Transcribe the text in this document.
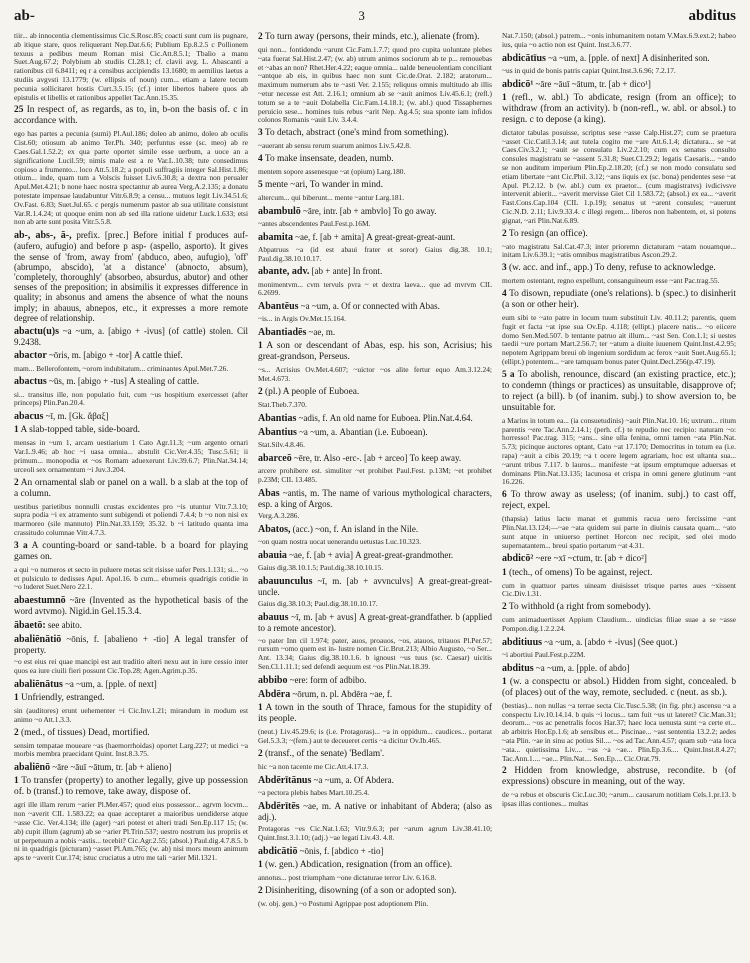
ab-	3	abditus

tiir... ab innocentia clementissimus Cic.S.Rosc.85; coacti sunt cum iis pugnare, ab itique starе, quos reliquerant Nep.Dat.6.6; Publium Ep.8.2.5 c Pollionem texuus a pedibus meum Roman misi Cic.Att.8.5.1; Tbalio a manu Suet.Aug.67.2; Polybium ab studiis Cl.28.1; cf. clavii avg. L. Abascanti a rationibus cil 6.8411; eq r a censibus accipiendis 13.1680; m aemilius laetus a studiis avgvsti 13.1779; (w. ellipsis of noun) cum... etiam a latere tecum pecunia sollicitaret hostis Curt.3.5.15; (cf.) inter libertos habere quos ab epistulis et libellis et rationibus appellet Tac.Ann.15.35.

25 In respect of, as regards, as to, in, b-on the basis of. c in accordance with.

ego has partes a pecunia (sumi) Pl.Aul.186; doleo ab animo, doleo ab oculis Cist.60; otiosum ab animo Ter.Ph. 340; perfuntus esse (sc. meo) ab re Caes.Gal.1.52.2; ex qua parte oportet simile esse uerbum, a uoce an a significatione Lucil.59; nimis male est a re Var.L.10.38; tute consedimus copioso a frumento... loco Att.5.18.2; a populi suffragiis integer Sal.Hist.1.86; otium... inde, quam tum a Volscis fuisset Liv.6.30.8; a dextra non perualer Apul.Met.4.21; b none haec nostra spectantur ab aurea Verg.A.2.135; a donatu potestate impensae laudabuntur Vitr.6.8.9; a censu... mutuos legit Liv.34.51.6; Ov.Fast. 6.83; Suet.Jul.65. c pergis numerum pastor ab sua utilitate consistunt Var.R.1.4.24; ut quoque enim non ab sed illa ratione uidetur Luck.1.633; etsi non ab arte sunt posita Vitr.5.5.8.

ab-, abs-, ā-, prefix. [prec.] Before initial f produces auf- (aufero, aufugio) and before p asp- (aspello, asporto). It gives the sense of 'from, away from' (abduco, abeo, aufugio), 'off' (abrumpo, abscido), 'at a distance' (abnocto, absum), 'completely, thoroughly' (absorbeo, absurdus, abutor) and other senses of the preposition; in absimilis it expresses difference in quality; in absonus and amens the absence of what the nouns imply; in abauus, abnepos, etc., it expresses a more remote degree of relationship.

abactu(u)s ~a ~um, a. [abigo + -ivus] (of cattle) stolen. Cil 9.2438.

abactor ~ōris, m. [abigo + -tor] A cattle thief.

mam... Bellerofontem, ~orom indubitatum... criminantes Apul.Met.7.26.

abactus ~ūs, m. [abigo + -tus] A stealing of cattle.

si... transitus ille, non populatio fuit, cum ~us hospitium exercesset (after princeps) Plin.Pan.20.4.

abacus ~ī, m. [Gk. ἄβαξ]

1 A slab-topped table, side-board.

mensas in ~um 1, arcam uestiarium 1 Cato Agr.11.3; ~um argento ornari Var.L.9.46; ab hoc ~i uasa omnia... abstulit Cic.Ver.4.35; Tusc.5.61; ii primum... monopodia et ~os Romam aduexerunt Liv.39.6.7; Plin.Nat.34.14; urceoli sex ornamentum ~i Juv.3.204.

2 An ornamental slab or panel on a wall. b a slab at the top of a column.

uestibus parietibus nonnulli crustas excidentes pro ~is utuntur Vitr.7.3.10; supra podia ~i ex atramento sunt subigendi et poliendi 7.4.4; b ~o non nisi ex marmoreo (sile mannuto) Plin.Nat.33.159; 35.32. b ~i latitudo quanta ima crassitudo columnae Vitr.4.7.3.

3 a A counting-board or sand-table. b a board for playing games on.

a qui ~o numeros et secto in puluere metas scit risisse uafer Pers.1.131; si... ~o et pulsiculo te dedisses Apul. Apol.16. b cum... eburneis quadrigis cotidie in ~o luderet Suet.Nero 22.1.

abaestumnō ~āre (Invented as the hypothetical basis of the word avtvmo). Nigid.in Gel.15.3.4.

ābaetō: see abito.

abaliēnātiō ~ōnis, f. [abalieno + -tio] A legal transfer of property.

~o est eius rei quae mancipi est aut traditio alteri nexu aut in iure cessio inter quos ea iure ciuili fieri possunt Cic.Top.28; Agen.Agrim.p.35.

abaliēnātus ~a ~um, a. [pple. of next]

1 Unfriendly, estranged.

sin (auditores) erunt uehementer ~i Cic.Inv.1.21; mirandum in modum est animo ~o Att.1.3.3.

2 (med., of tissues) Dead, mortified.

sensim tempatae moueare ~as (haemorrhoidas) oportet Larg.227; ut medici ~a morbis membra praecidant Quint. Inst.8.3.75.

abaliēnō ~āre ~āuī ~ātum, tr. [ab + alieno]

1 To transfer (property) to another legally, give up possession of. b (transf.) to remove, take away, dispose of.

agri ille illam rerum ~arier Pl.Mer.457; quod eius possessor... agrvm locvm... non ~averit CIL 1.583.22; ea quae acceptaret a maioribus uendiderse atque ~asse Cic. Ver.4.134; ille (ager) ~ari potest et alteri tradi Sen.Ep.117 15; (w. ab) cupit illum (agrum) ab se ~arier Pl.Trin.537; uestro nostrum ius propriis et ut perpetuum a nobis ~astis... tecebit? Cic.Agr.2.55; (absol.) Paul.dig.4.7.8.5. b ni in quadrigis (picturam) ~asset Pl.Am.765; (w. ab) nisi mors meum animum aps te ~averit Cur.174; istuc cruciatus a utro me tali ~arier Mil.1321.

2 To turn away (persons, their minds, etc.), alienate (from).

qui non... fontidendo ~arunt Cic.Fam.1.7.7; quod pro cupita uoluntate plebes ~ata fuerat Sal.Hist.2.47; (w. ab) utrum animos sociorum ab te p... remouebas et ~abas an non? Rhet.Her.4.22; eaque omnia... ualde beneuolentiam conciliant ~antque ab eis, in quibus haec non sunt Cic.de.Orat. 2.182; aratorum... maximum numerum abs te ~asti Ver. 2.155; reliquus omnis multitudo ab illis ~etur necesse est Att. 2.16.1; omnium ab se ~auit animos Liv.45.6.1; (refl.) totum se a te ~auit Dolabella Cic.Fam.14.18.1; (w. abl.) quod Tissaphernes peruicio sese... homines tuis rebus ~arit Nep. Ag.4.5; sua sponte iam infidos colonos Romanis ~auit Liv. 3.4.4.

3 To detach, abstract (one's mind from something).

~auerant ab sensu rerum suarum animos Liv.5.42.8.

4 To make insensate, deaden, numb.

mentem sopore assenesque ~at (opium) Larg.180.

5 mente ~ari, To wander in mind.

altercum... qui biberunt... mente ~antur Larg.181.

abambulō ~āre, intr. [ab + ambvlo] To go away.

~antes abscendentes Paul.Fest.p.16M.

abamita ~ae, f. [ab + amita] A great-great-great-aunt.

Abpatruus ~a (id est abaui frater et soror) Gaius dig.38. 10.1; Paul.dig.38.10.10.17.

abante, adv. [ab + ante] In front.

monimentvm... cvm tervuls pvra ~ et dextra laeva... que ad mvrvm CIL 6.2699.

Abantēus ~a ~um, a. Of or connected with Abas.

~is... in Argis Ov.Met.15.164.

Abantiadēs ~ae, m.

1 A son or descendant of Abas, esp. his son, Acrisius; his great-grandson, Perseus.

~s... Acrisius Ov.Met.4.607; ~uictor ~os alite fertur equo Am.3.12.24; Met.4.673.

2 (pl.) A people of Euboea.

Stat.Theb.7.370.

Abantias ~adis, f. An old name for Euboea. Plin.Nat.4.64.

Abantius ~a ~um, a. Abantian (i.e. Euboean).

Stat.Silv.4.8.46.

abarceō ~ēre, tr. Also -erc-. [ab + arceo] To keep away.

arcere prohibere est. simuliter ~et prohibet Paul.Fest. p.13M; ~et prohibet p.23M; CIL 13.485.

Abas ~antis, m. The name of various mythological characters, esp. a king of Argos.

Verg.A.3.286.

Abatos, (acc.) ~on, f. An island in the Nile.

~on quam nostra uocat uenerandu uetustas Luc.10.323.

abauia ~ae, f. [ab + avia] A great-great-grandmother.

Gaius dig.38.10.1.5; Paul.dig.38.10.10.15.

abauunculus ~ī, m. [ab + avvnculvs] A great-great-great-uncle.

Gaius dig.38.10.3; Paul.dig.38.10.10.17.

abauus ~ī, m. [ab + avus] A great-great-grandfather. b (applied to a remote ancestor).

~o pater Inn cil 1.974; pater, auos, proauos, ~os, atauos, tritauos Pl.Per.57; rursum ~omo quem est in- lustre nomen Cic.Brut.213; Albio Augusto, ~o Ser... Ant. 13.34; Gaius dig.38.10.1.6. b ignoust ~us tuus (sc. Caesar) uicitis Sen.Cl.1.11.1; sed defendi aequum est ~os Plin.Nat.18.39.

abbibo ~ere: form of adbibo.

Abdēra ~ōrum, n. pl. Abdēra ~ae, f.

1 A town in the south of Thrace, famous for the stupidity of its people.

(neut.) Liv.45.29.6; is (i.e. Protagoras)... ~a in oppidum... caudices... portarat Gel.5.3.3; ~(fem.) aut te deceueret certis ~a dicitur Ov.Ib.465.

2 (transf., of the senate) 'Bedlam'.

hic ~a non tacente me Cic.Att.4.17.3.

Abdērītānus ~a ~um, a. Of Abdera.

~a pectora plebis habes Mart.10.25.4.

Abdērītēs ~ae, m. A native or inhabitant of Abdera; (also as adj.).

Protagoras ~es Cic.Nat.1.63; Vitr.9.6.3; per ~arum agrum Liv.38.41.10; Quint.Inst.3.1.10; (adj.) ~ae legati Liv.43. 4.8.

abdicātiō ~ōnis, f. [abdico + -tio]

1 (w. gen.) Abdication, resignation (from an office).

annotus... post triumpham ~one dictaturae terror Liv. 6.16.8.

2 Disinheriting, disowning (of a son or adopted son).

(w. obj. gen.) ~o Postumi Agrippae post adoptionem Plin.

Nat.7.150; (absol.) patrem... ~onis inhumanitem notam V.Max.6.9.ext.2; habeo ius, quia ~o actio non est Quint. Inst.3.6.77.

abdicātīus ~a ~um, a. [pple. of next] A disinherited son.

~us in quid de bonis patris capiat Quint.Inst.3.6.96; 7.2.17.

abdicō¹ ~āre ~āuī ~ātum, tr. [ab + dico¹]

1 (refl., w. abl.) To abdicate, resign (from an office); to withdraw (from an activity). b (non-refl., w. abl. or absol.) to resign. c to depose (a king).

dictator tabulas posuisse, scriptus sese ~asse Calp.Hist.27; cum se praetura ~asset Cic.Catil.3.14; aut tutela cogito me ~are Att.6.1.4; dictatura... se ~at Caes.Civ.3.2.1; ~auit se consulatu Liv.2.2.10; cum ex senatus consulto consules magistratu se ~assent 5.31.8; Suet.Cl.29.2; legatis Caesaris... ~ando se non auditum imperium Plin.Ep.2.18.20; (cf.) se non modo consulatu sed etiam libertate ~ant Cic.Phil. 3.12; ~ans iiquis ex (sc. bona) pendentes sese ~at Apul. Pl.2.12. b (w. abl.) cum ex praetor... (cum magistratvs) ivdicivsve intervenit abierit... ~averit mervisse Giet Cil 1.583.72; (absol.) ex ea... ~averit Fast.Cons.Cap.104 (CIL 1.p.19); senatus ut ~arent consules; ~auerunt Cic.N.D. 2.11; Liv.9.33.4. c illegi regem... liberos non habentem, et, si potens gignat, ~ari Plin.Nat.6.89.

2 To resign (an office).

~ato magistratu Sal.Cat.47.3; inter prioremn dictaturam ~atam nouamque... initam Liv.6.39.1; ~atis omnibus magistratibus Ascon.29.2.

3 (w. acc. and inf., app.) To deny, refuse to acknowledge.

mortem ostentant, regno expellunt, consanguineum esse ~ant Pac.trag.55.

4 To disown, repudiate (one's relations). b (spec.) to disinherit (a son or other heir).

eum sibi te ~ato patre in locum tuum substituit Liv. 40.11.2; parentis, quem fugit et facta ~at ipse sua Ov.Ep. 4.118; (ellipt.) placere natis... ~o eiicere domo Sen.Med.507. b tentante patruo ait illum... ~ast Sen. Con.1.1; si uestes taedii ~ure portam Mart.2.56.7; ter ~atum a diuite iuuenem Quint.Inst.4.2.95; nepotem Agrippam breui ob ingenium sordidum ac ferox ~auit Suet.Aug.65.1; (ellipt.) potentem... ~are tamquam bonus pater Quint.Decl.256(p.47.19).

5 a To abolish, renounce, discard (an existing practice, etc.); to condemn (things or practices) as unsuitable, disapprove of; to reject (a bill). b (of inanim. subj.) to show aversion to, be unsuitable for.

a Marius in totum ea... (ia consuetudinis) ~auit Plin.Nat.10. 16; uxtrum... ritum parentis ~ere Tac.Ann.2.14.1; (perh. cf.) te repudio nec recipio: naturam ~o: horresso! Pac.trag. 315; ~ans... sine ulla fenina, omni tamen ~ata Plin.Nat. 5.73; picinque auctores optant, Cato ~at 17.170; Democritus in totum ea (i.e. rapa) ~auit a cibis 20.19; ~a t ocere legem agrariam, hoc est ultanta sua... ~arunt tribus 7.117. b lauros... manifeste ~at ipsum emptumque aduersas et dominans Plin.Nat.13.135; lacunosa et crispa in omni genere glutinum ~ant 16.226.

6 To throw away as useless; (of inanim. subj.) to cast off, reject, expel.

(thapsia) latius lacte manat et gummis racua uero fercissime ~ant Plin.Nat.13.124;—~ae ~ata quidem sui parte in diuinis causata quam... ~ato sunt atque in uniuerso pertinet Horcon nec recipit, sed olei modo supernatantem... breui spatio portarum ~at 4.31.

abdicō² ~ere ~xī ~ctum, tr. [ab + dico²]

1 (tech., of omens) To be against, reject.

cum in quattuor partes uineam diuisisset trisque partes aues ~xissent Cic.Div.1.31.

2 To withhold (a right from somebody).

cum animaduertisset Appium Claudium... uindicias filiae suae a se ~asse Pompon.dig.1.2.2.24.

abditiuus ~a ~um, a. [abdo + -ivus] (See quot.)

~i abortiui Paul.Fest.p.22M.

abditus ~a ~um, a. [pple. of abdo]

1 (w. a conspectu or absol.) Hidden from sight, concealed. b (of places) out of the way, remote, secluded. c (neut. as sb.).

(bestias)... non nullas ~a terrae secta Cic.Tusc.5.38; (in fig. phr.) ascensu ~a a conspectu Liv.10.14.14. b quis ~i locus... tam fuit ~us ut lateret? Cic.Man.31; deorum... ~os ac penetralis focos Har.37; haec loca uenusta sunt ~a certe et... ab arbitris Hor.Ep.1.6; ab sensibus et... Piscinae... ~ast sententia 13.2.2; aedes ~ata Plin. ~ae in sinu ac potius Sil.... ~os ad Tac.Ann.4.57; quam sub ~ata loca ~ata... quietissima Liv.... ~as ~a ~ae... Plin.Ep.3.6.... Quint.Inst.8.4.27; Tac.Ann.1.... ~ae... Plin.Nat.... Sen.Ep.... Cic.Orat.79.

2 Hidden from knowledge, abstruse, recondite. b (of expressions) obscure in meaning, out of the way.

de ~a rebus et obscuris Cic.Luc.30; ~arum... causarum notitiam Cels.1.pr.13. b ipsas illas contiones... multas
